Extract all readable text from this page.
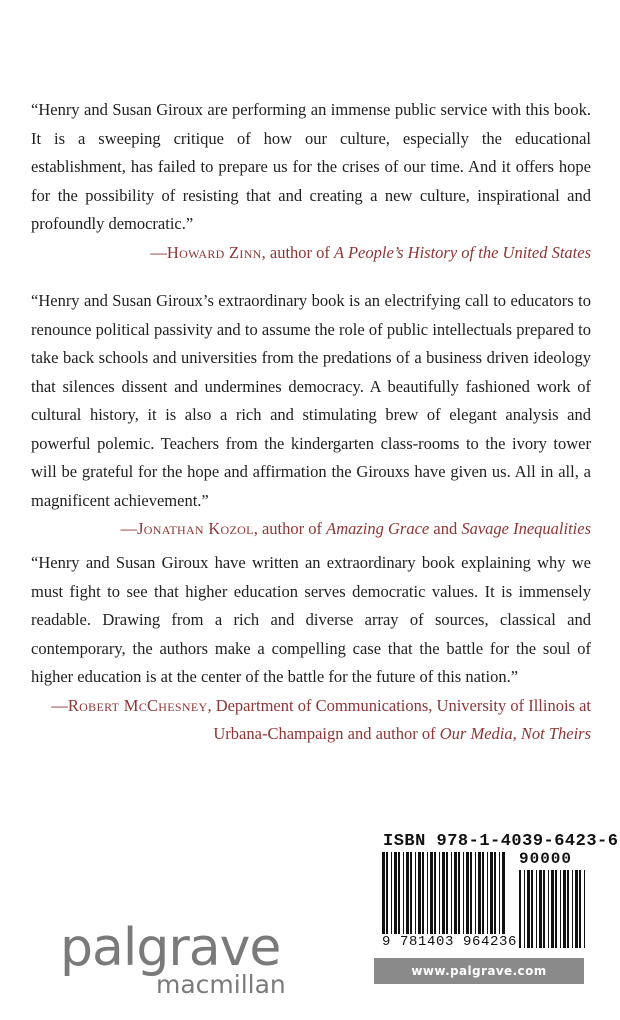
“Henry and Susan Giroux are performing an immense public service with this book. It is a sweeping critique of how our culture, especially the educational establishment, has failed to prepare us for the crises of our time. And it offers hope for the possibility of resisting that and creating a new culture, inspirational and profoundly democratic.”

—Howard Zinn, author of A People’s History of the United States

“Henry and Susan Giroux’s extraordinary book is an electrifying call to educators to renounce political passivity and to assume the role of public intellectuals prepared to take back schools and universities from the predations of a business driven ideology that silences dissent and undermines democracy. A beautifully fashioned work of cultural history, it is also a rich and stimulating brew of elegant analysis and powerful polemic. Teachers from the kindergarten class-rooms to the ivory tower will be grateful for the hope and affirmation the Girouxs have given us. All in all, a magnificent achievement.”

—Jonathan Kozol, author of Amazing Grace and Savage Inequalities

“Henry and Susan Giroux have written an extraordinary book explaining why we must fight to see that higher education serves democratic values. It is immensely readable. Drawing from a rich and diverse array of sources, classical and contemporary, the authors make a compelling case that the battle for the soul of higher education is at the center of the battle for the future of this nation.”

—Robert McChesney, Department of Communications, University of Illinois at Urbana-Champaign and author of Our Media, Not Theirs
palgrave
macmillan
ISBN 978-1-4039-6423-6
90000
9 781403 964236
www.palgrave.com
